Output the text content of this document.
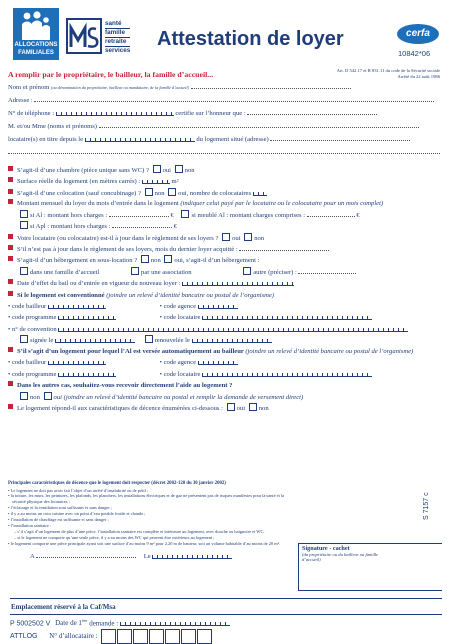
ALLOCATIONS
FAMILIALES
santé
famille
retraite
services
Attestation de loyer	cerfa
10842*06
A remplir par le propriétaire, le bailleur, la famille d’accueil...	Art. D 542.17 et R 831.11 du code de la Sécurité sociale
Arrêté du 22 août 1986
Nom et prénom (ou dénomination du propriétaire, bailleur ou mandataire, de la famille d’accueil)
Adresse :
N° de téléphone :	certifie sur l’honneur que :
M. et/ou Mme (noms et prénoms)
locataire(s) en titre depuis le	du logement situé (adresse)
S’agit-il d’une chambre (pièce unique sans WC) ? oui non
Surface réelle du logement (en mètres carrés) :	m²
S’agit-il d’une colocation (sauf concubinage) ? non oui, nombre de colocataires
Montant mensuel du loyer du mois d’entrée dans le logement (indiquer celui payé par le locataire ou le colocataire pour un mois complet)
si Al : montant hors charges :	€	si meublé Al : montant charges comprises :	€
si Apl : montant hors charges :	€
Votre locataire (ou colocataire) est-il à jour dans le règlement de ses loyers ? oui non
S’il n’est pas à jour dans le règlement de ses loyers, mois du dernier loyer acquitté :
S’agit-il d’un hébergement en sous-location ? non oui, s’agit-il d’un hébergement :
dans une famille d’accueil	par une association	autre (préciser) :
Date d’effet du bail ou d’entrée en vigueur du nouveau loyer :
Si le logement est conventionné (joindre un relevé d’identité bancaire ou postal de l’organisme)
• code bailleur	• code agence
• code programme	• code locataire
• n° de convention
signée le	renouvelée le
S’il s’agit d’un logement pour lequel l’Al est versée automatiquement au bailleur (joindre un relevé d’identité bancaire ou postal de l’organisme)
• code bailleur	• code agence
• code programme	• code locataire
Dans les autres cas, souhaitez-vous recevoir directement l’aide au logement ?
non oui (joindre un relevé d’identité bancaire ou postal et remplir la demande de versement direct)
Le logement répond-il aux caractéristiques de décence énumérées ci-dessous : oui non
Principales caractéristiques de décence que le logement doit respecter (décret 2002-120 du 30 janvier 2002)
• Le logement ne doit pas avoir fait l’objet d’un arrêté d’insalubrité ou de péril ;
• la toiture, les murs, les peintures, les plafonds, les planchers, les installations électriques et de gaz ne présentent pas de risques manifestes pour la santé et la
sécurité physique des locataires ;
• l’éclairage et la ventilation sont suffisants et sans danger ;
• il y a au moins un coin cuisine avec un point d’eau potable froide et chaude ;
• l’installation de chauffage est suffisante et sans danger ;
• l’installation sanitaire :
– s’il s’agit d’un logement de plus d’une pièce, l’installation sanitaire est complète et intérieure au logement, avec douche ou baignoire et WC,
– si le logement ne comporte qu’une seule pièce, il y a au moins des WC qui peuvent être extérieurs au logement ;
• le logement comporte une pièce principale ayant soit une surface d’au moins 9 m² pour 2,20 m de hauteur, soit un volume habitable d’au moins de 20 m³.
S 7157 c
A	Le
Signature - cachet
(du propriétaire ou du bailleur ou famille d’accueil)
Emplacement réservé à la Caf/Msa
P 5002502 V Date de 1ère demande :
ATTLOG N° d’allocataire :
